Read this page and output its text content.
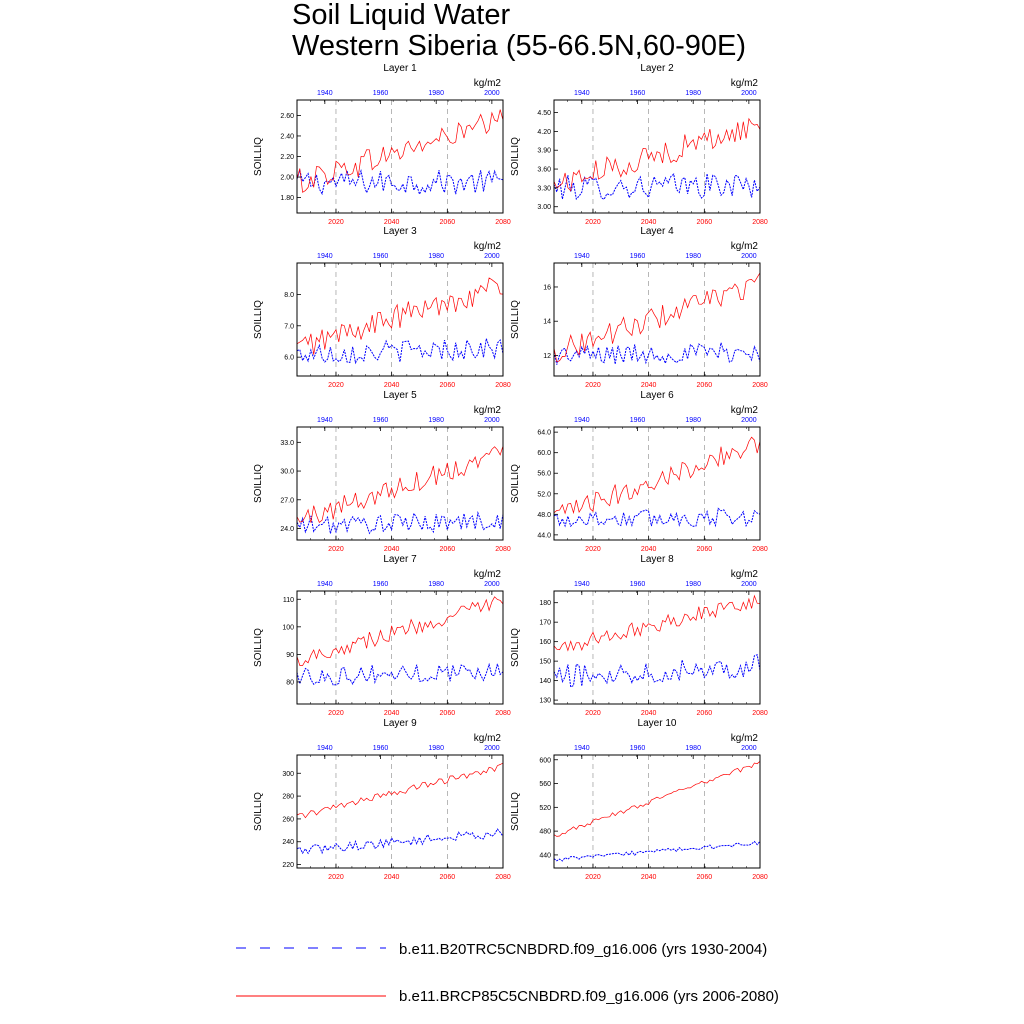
Soil Liquid Water
Western Siberia (55-66.5N,60-90E)
Layer 1
kg/m2
SOILLIQ
1.80
2.00
2.20
2.40
2.60
2020	2040	2060	2080
1940	1960	1980	2000
Layer 2
kg/m2
SOILLIQ
3.00
3.30
3.60
3.90
4.20
4.50
2020	2040	2060	2080
1940	1960	1980	2000
Layer 3
kg/m2
SOILLIQ
6.0
7.0
8.0
2020	2040	2060	2080
1940	1960	1980	2000
Layer 4
kg/m2
SOILLIQ
12
14
16
2020	2040	2060	2080
1940	1960	1980	2000
Layer 5
kg/m2
SOILLIQ
24.0
27.0
30.0
33.0
2020	2040	2060	2080
1940	1960	1980	2000
Layer 6
kg/m2
SOILLIQ
44.0
48.0
52.0
56.0
60.0
64.0
2020	2040	2060	2080
1940	1960	1980	2000
Layer 7
kg/m2
SOILLIQ
80
90
100
110
2020	2040	2060	2080
1940	1960	1980	2000
Layer 8
kg/m2
SOILLIQ
130
140
150
160
170
180
2020	2040	2060	2080
1940	1960	1980	2000
Layer 9
kg/m2
SOILLIQ
220
240
260
280
300
2020	2040	2060	2080
1940	1960	1980	2000
Layer 10
kg/m2
SOILLIQ
440
480
520
560
600
2020	2040	2060	2080
1940	1960	1980	2000
b.e11.B20TRC5CNBDRD.f09_g16.006 (yrs 1930-2004)
b.e11.BRCP85C5CNBDRD.f09_g16.006 (yrs 2006-2080)
